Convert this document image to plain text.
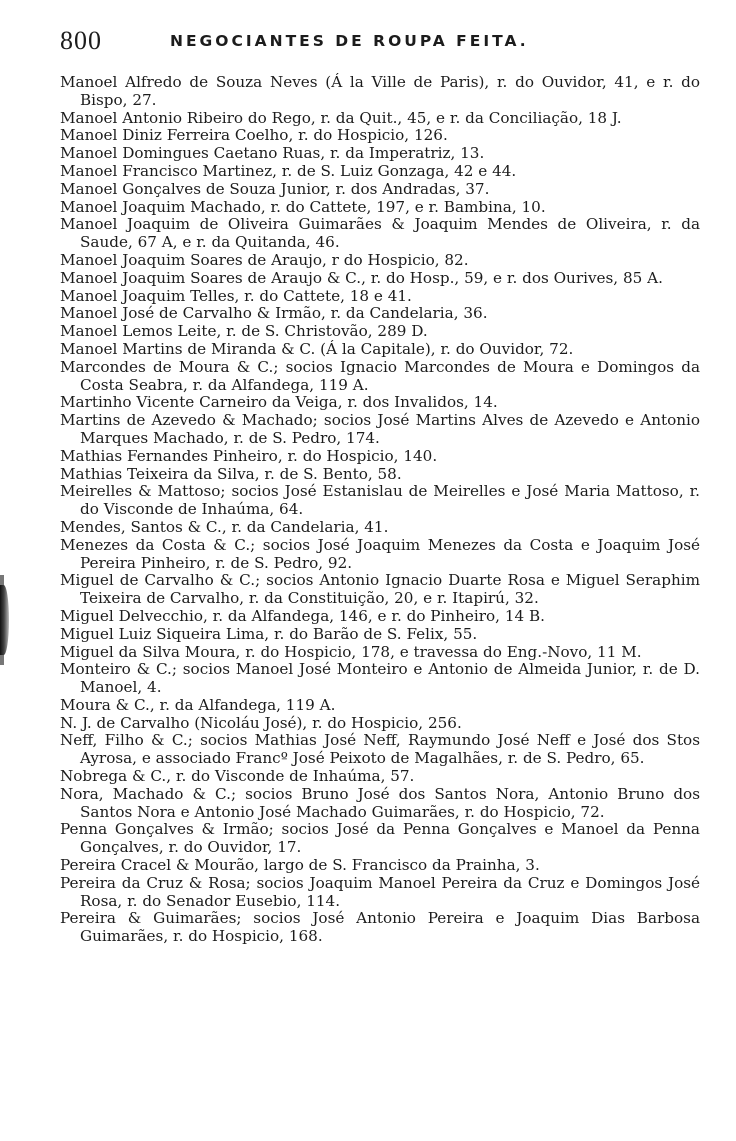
800	NEGOCIANTES DE ROUPA FEITA.

Manoel Alfredo de Souza Neves (Á la Ville de Paris), r. do Ouvidor, 41, e r. do Bispo, 27.

Manoel Antonio Ribeiro do Rego, r. da Quit., 45, e r. da Conciliação, 18 J.

Manoel Diniz Ferreira Coelho, r. do Hospicio, 126.

Manoel Domingues Caetano Ruas, r. da Imperatriz, 13.

Manoel Francisco Martinez, r. de S. Luiz Gonzaga, 42 e 44.

Manoel Gonçalves de Souza Junior, r. dos Andradas, 37.

Manoel Joaquim Machado, r. do Cattete, 197, e r. Bambina, 10.

Manoel Joaquim de Oliveira Guimarães & Joaquim Mendes de Oliveira, r. da Saude, 67 A, e r. da Quitanda, 46.

Manoel Joaquim Soares de Araujo, r do Hospicio, 82.

Manoel Joaquim Soares de Araujo & C., r. do Hosp., 59, e r. dos Ourives, 85 A.

Manoel Joaquim Telles, r. do Cattete, 18 e 41.

Manoel José de Carvalho & Irmão, r. da Candelaria, 36.

Manoel Lemos Leite, r. de S. Christovão, 289 D.

Manoel Martins de Miranda & C. (Á la Capitale), r. do Ouvidor, 72.

Marcondes de Moura & C.; socios Ignacio Marcondes de Moura e Domingos da Costa Seabra, r. da Alfandega, 119 A.

Martinho Vicente Carneiro da Veiga, r. dos Invalidos, 14.

Martins de Azevedo & Machado; socios José Martins Alves de Azevedo e Antonio Marques Machado, r. de S. Pedro, 174.

Mathias Fernandes Pinheiro, r. do Hospicio, 140.

Mathias Teixeira da Silva, r. de S. Bento, 58.

Meirelles & Mattoso; socios José Estanislau de Meirelles e José Maria Mattoso, r. do Visconde de Inhaúma, 64.

Mendes, Santos & C., r. da Candelaria, 41.

Menezes da Costa & C.; socios José Joaquim Menezes da Costa e Joaquim José Pereira Pinheiro, r. de S. Pedro, 92.

Miguel de Carvalho & C.; socios Antonio Ignacio Duarte Rosa e Miguel Seraphim Teixeira de Carvalho, r. da Constituição, 20, e r. Itapirú, 32.

Miguel Delvecchio, r. da Alfandega, 146, e r. do Pinheiro, 14 B.

Miguel Luiz Siqueira Lima, r. do Barão de S. Felix, 55.

Miguel da Silva Moura, r. do Hospicio, 178, e travessa do Eng.-Novo, 11 M.

Monteiro & C.; socios Manoel José Monteiro e Antonio de Almeida Junior, r. de D. Manoel, 4.

Moura & C., r. da Alfandega, 119 A.

N. J. de Carvalho (Nicoláu José), r. do Hospicio, 256.

Neff, Filho & C.; socios Mathias José Neff, Raymundo José Neff e José dos Stos Ayrosa, e associado Francº José Peixoto de Magalhães, r. de S. Pedro, 65.

Nobrega & C., r. do Visconde de Inhaúma, 57.

Nora, Machado & C.; socios Bruno José dos Santos Nora, Antonio Bruno dos Santos Nora e Antonio José Machado Guimarães, r. do Hospicio, 72.

Penna Gonçalves & Irmão; socios José da Penna Gonçalves e Manoel da Penna Gonçalves, r. do Ouvidor, 17.

Pereira Cracel & Mourão, largo de S. Francisco da Prainha, 3.

Pereira da Cruz & Rosa; socios Joaquim Manoel Pereira da Cruz e Domingos José Rosa, r. do Senador Eusebio, 114.

Pereira & Guimarães; socios José Antonio Pereira e Joaquim Dias Barbosa Guimarães, r. do Hospicio, 168.
